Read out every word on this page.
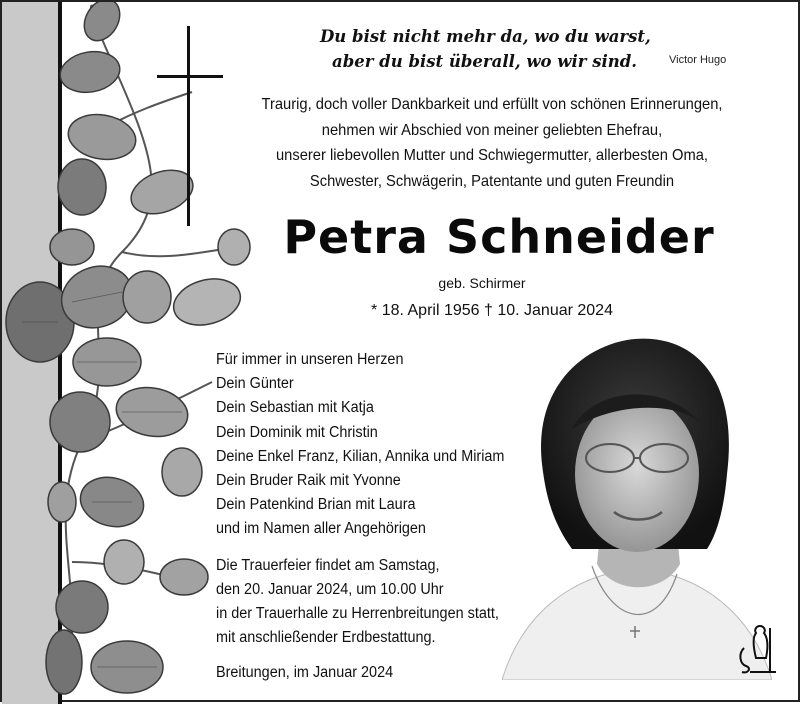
Du bist nicht mehr da, wo du warst,
aber du bist überall, wo wir sind.	Victor Hugo
Traurig, doch voller Dankbarkeit und erfüllt von schönen Erinnerungen,
nehmen wir Abschied von meiner geliebten Ehefrau,
unserer liebevollen Mutter und Schwiegermutter, allerbesten Oma,
Schwester, Schwägerin, Patentante und guten Freundin
Petra Schneider
geb. Schirmer
* 18. April 1956 † 10. Januar 2024
Für immer in unseren Herzen
Dein Günter
Dein Sebastian mit Katja
Dein Dominik mit Christin
Deine Enkel Franz, Kilian, Annika und Miriam
Dein Bruder Raik mit Yvonne
Dein Patenkind Brian mit Laura
und im Namen aller Angehörigen
Die Trauerfeier findet am Samstag,
den 20. Januar 2024, um 10.00 Uhr
in der Trauerhalle zu Herrenbreitungen statt,
mit anschließender Erdbestattung.
Breitungen, im Januar 2024
